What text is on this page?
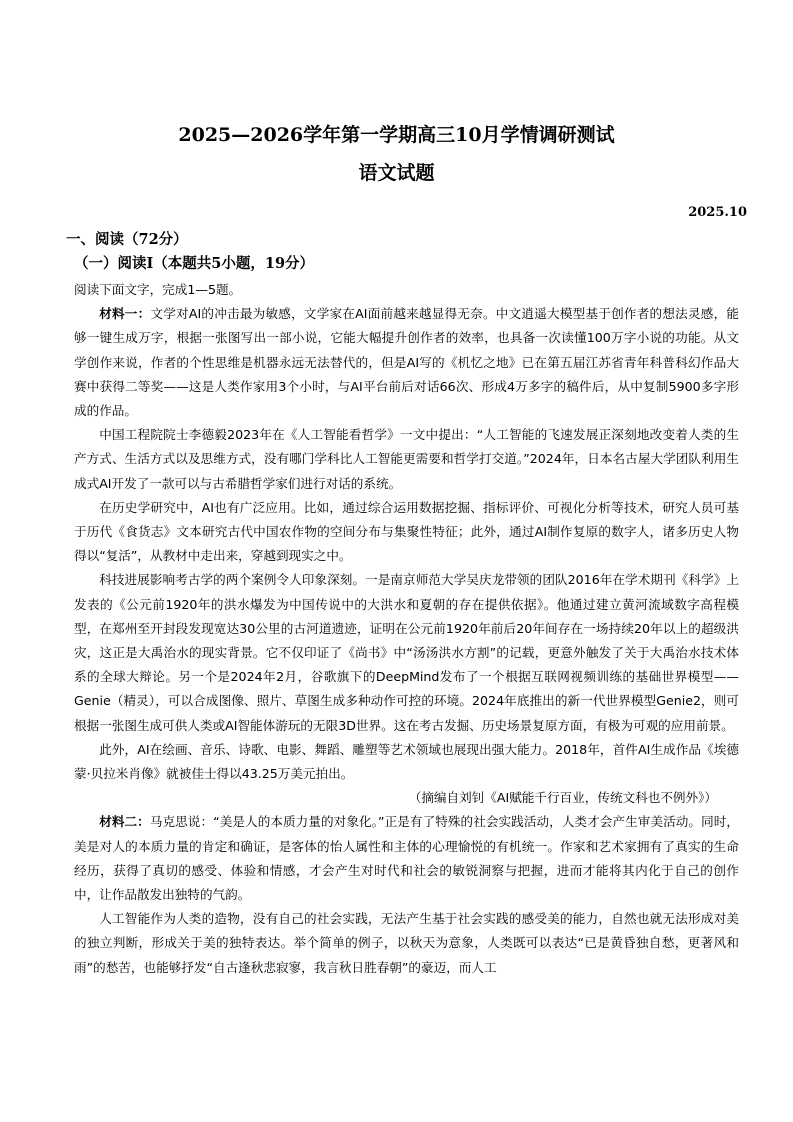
2025—2026学年第一学期高三10月学情调研测试
语文试题
2025.10
一、阅读（72分）
（一）阅读Ⅰ（本题共5小题，19分）

阅读下面文字，完成1—5题。

材料一：文学对AI的冲击最为敏感，文学家在AI面前越来越显得无奈。中文逍遥大模型基于创作者的想法灵感，能够一键生成万字，根据一张图写出一部小说，它能大幅提升创作者的效率，也具备一次读懂100万字小说的功能。从文学创作来说，作者的个性思维是机器永远无法替代的，但是AI写的《机忆之地》已在第五届江苏省青年科普科幻作品大赛中获得二等奖——这是人类作家用3个小时，与AI平台前后对话66次、形成4万多字的稿件后，从中复制5900多字形成的作品。

中国工程院院士李德毅2023年在《人工智能看哲学》一文中提出：“人工智能的飞速发展正深刻地改变着人类的生产方式、生活方式以及思维方式，没有哪门学科比人工智能更需要和哲学打交道。”2024年，日本名古屋大学团队利用生成式AI开发了一款可以与古希腊哲学家们进行对话的系统。

在历史学研究中，AI也有广泛应用。比如，通过综合运用数据挖掘、指标评价、可视化分析等技术，研究人员可基于历代《食货志》文本研究古代中国农作物的空间分布与集聚性特征；此外，通过AI制作复原的数字人，诸多历史人物得以“复活”，从教材中走出来，穿越到现实之中。

科技进展影响考古学的两个案例令人印象深刻。一是南京师范大学吴庆龙带领的团队2016年在学术期刊《科学》上发表的《公元前1920年的洪水爆发为中国传说中的大洪水和夏朝的存在提供依据》。他通过建立黄河流域数字高程模型，在郑州至开封段发现宽达30公里的古河道遗迹，证明在公元前1920年前后20年间存在一场持续20年以上的超级洪灾，这正是大禹治水的现实背景。它不仅印证了《尚书》中“汤汤洪水方割”的记载，更意外触发了关于大禹治水技术体系的全球大辩论。另一个是2024年2月，谷歌旗下的DeepMind发布了一个根据互联网视频训练的基础世界模型——Genie（精灵），可以合成图像、照片、草图生成多种动作可控的环境。2024年底推出的新一代世界模型Genie2，则可根据一张图生成可供人类或AI智能体游玩的无限3D世界。这在考古发掘、历史场景复原方面，有极为可观的应用前景。

此外，AI在绘画、音乐、诗歌、电影、舞蹈、雕塑等艺术领域也展现出强大能力。2018年，首件AI生成作品《埃德蒙·贝拉米肖像》就被佳士得以43.25万美元拍出。

（摘编自刘钊《AI赋能千行百业，传统文科也不例外》）

材料二：马克思说：“美是人的本质力量的对象化。”正是有了特殊的社会实践活动，人类才会产生审美活动。同时，美是对人的本质力量的肯定和确证，是客体的怡人属性和主体的心理愉悦的有机统一。作家和艺术家拥有了真实的生命经历，获得了真切的感受、体验和情感，才会产生对时代和社会的敏锐洞察与把握，进而才能将其内化于自己的创作中，让作品散发出独特的气韵。

人工智能作为人类的造物，没有自己的社会实践，无法产生基于社会实践的感受美的能力，自然也就无法形成对美的独立判断，形成关于美的独特表达。举个简单的例子，以秋天为意象，人类既可以表达“已是黄昏独自愁，更著风和雨”的愁苦，也能够抒发“自古逢秋悲寂寥，我言秋日胜春朝”的豪迈，而人工
